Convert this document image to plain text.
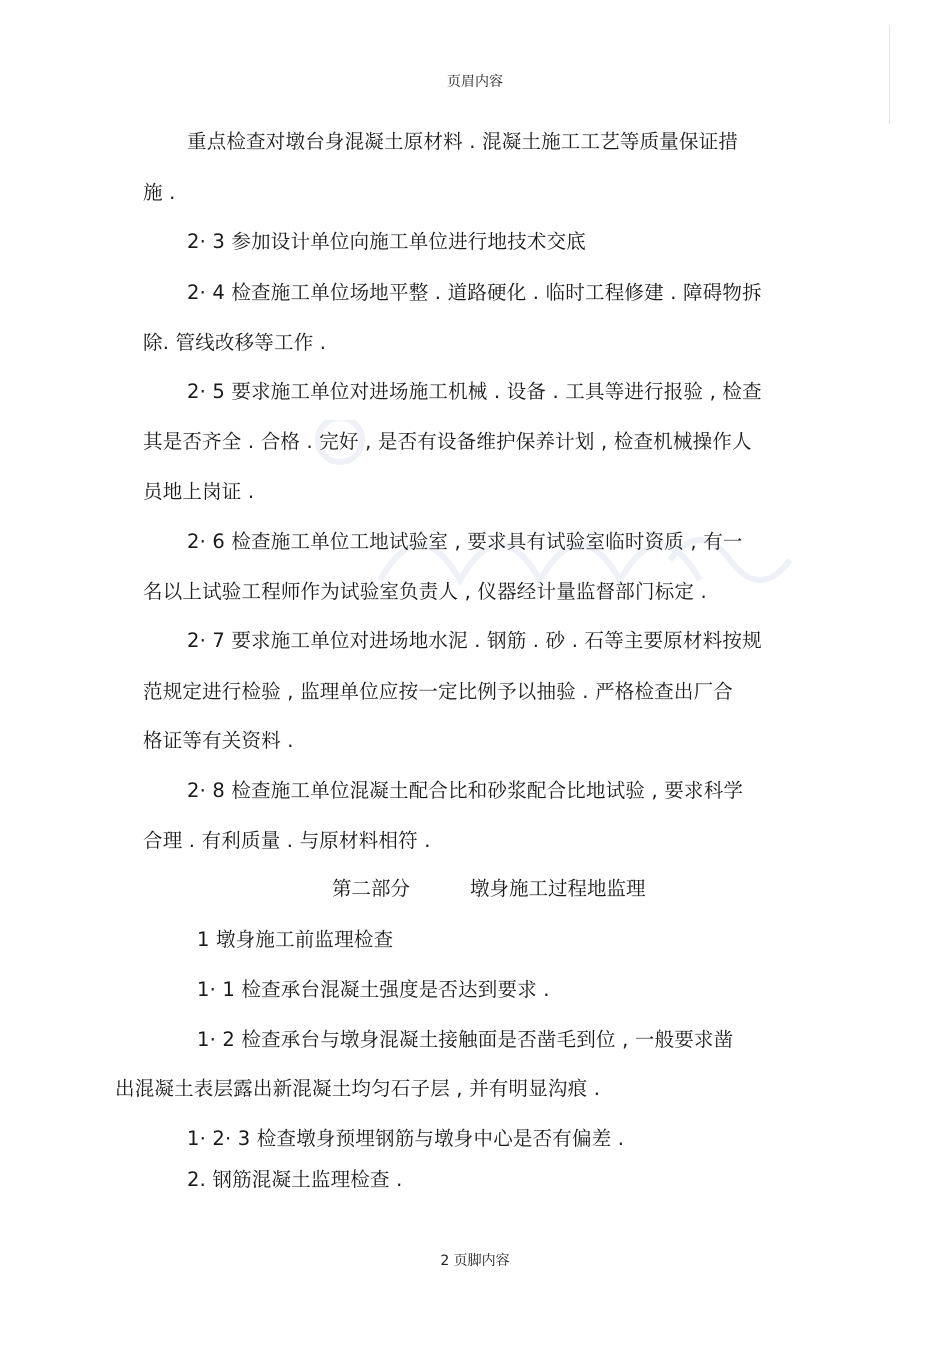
页眉内容
重点检查对墩台身混凝土原材料 . 混凝土施工工艺等质量保证措
施 .
2· 3 参加设计单位向施工单位进行地技术交底
2· 4 检查施工单位场地平整 . 道路硬化 . 临时工程修建 . 障碍物拆
除. 管线改移等工作 .
2· 5 要求施工单位对进场施工机械 . 设备 . 工具等进行报验 , 检查
其是否齐全 . 合格 . 完好 , 是否有设备维护保养计划 , 检查机械操作人
员地上岗证 .
2· 6 检查施工单位工地试验室 , 要求具有试验室临时资质 , 有一
名以上试验工程师作为试验室负责人 , 仪器经计量监督部门标定 .
2· 7 要求施工单位对进场地水泥 . 钢筋 . 砂 . 石等主要原材料按规
范规定进行检验 , 监理单位应按一定比例予以抽验 . 严格检查出厂合
格证等有关资料 .
2· 8 检查施工单位混凝土配合比和砂浆配合比地试验 , 要求科学
合理 . 有利质量 . 与原材料相符 .
第二部分	墩身施工过程地监理
1 墩身施工前监理检查
1· 1 检查承台混凝土强度是否达到要求 .
1· 2 检查承台与墩身混凝土接触面是否凿毛到位 , 一般要求凿
出混凝土表层露出新混凝土均匀石子层 , 并有明显沟痕 .
1· 2· 3 检查墩身预埋钢筋与墩身中心是否有偏差 .
2. 钢筋混凝土监理检查 .
2 页脚内容
